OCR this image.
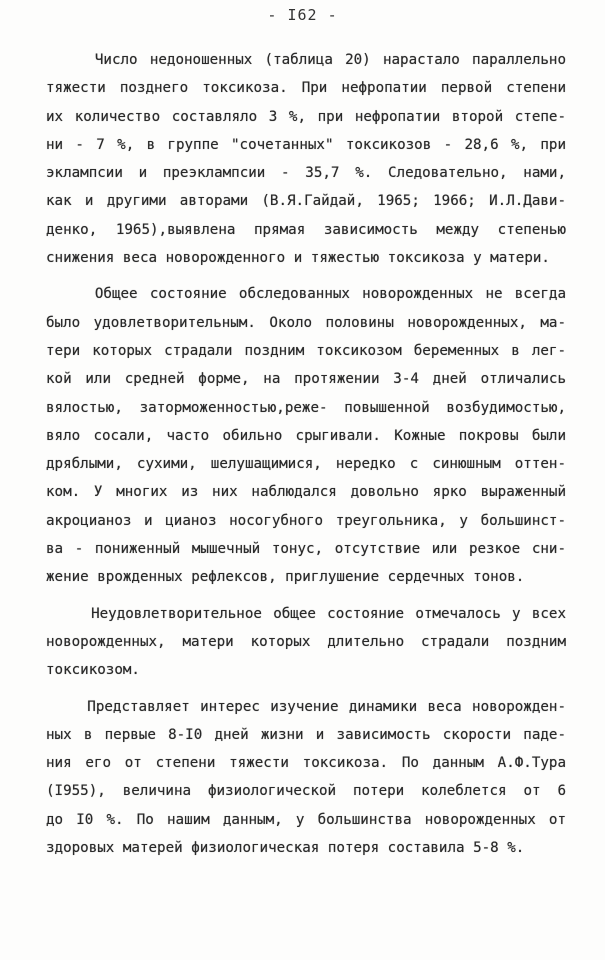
- I62 -
Число недоношенных (таблица 20) нарастало параллельно
тяжести позднего токсикоза. При нефропатии первой степени
их количество составляло 3 %, при нефропатии второй степе-
ни - 7 %, в группе "сочетанных" токсикозов - 28,6 %, при
эклампсии и преэклампсии - 35,7 %. Следовательно, нами,
как и другими авторами (В.Я.Гайдай, 1965; 1966; И.Л.Дави-
денко, 1965),выявлена прямая зависимость между степенью
снижения веса новорожденного и тяжестью токсикоза у матери.
Общее состояние обследованных новорожденных не всегда
было удовлетворительным. Около половины новорожденных, ма-
тери которых страдали поздним токсикозом беременных в лег-
кой или средней форме, на протяжении 3-4 дней отличались
вялостью, заторможенностью,реже- повышенной возбудимостью,
вяло сосали, часто обильно срыгивали. Кожные покровы были
дряблыми, сухими, шелушащимися, нередко с синюшным оттен-
ком. У многих из них наблюдался довольно ярко выраженный
акроцианоз и цианоз носогубного треугольника, у большинст-
ва - пониженный мышечный тонус, отсутствие или резкое сни-
жение врожденных рефлексов, приглушение сердечных тонов.
Неудовлетворительное общее состояние отмечалось у всех
новорожденных, матери которых длительно страдали поздним
токсикозом.
Представляет интерес изучение динамики веса новорожден-
ных в первые 8-I0 дней жизни и зависимость скорости паде-
ния его от степени тяжести токсикоза. По данным А.Ф.Тура
(I955), величина физиологической потери колеблется от 6
до I0 %. По нашим данным, у большинства новорожденных от
здоровых матерей физиологическая потеря составила 5-8 %.
